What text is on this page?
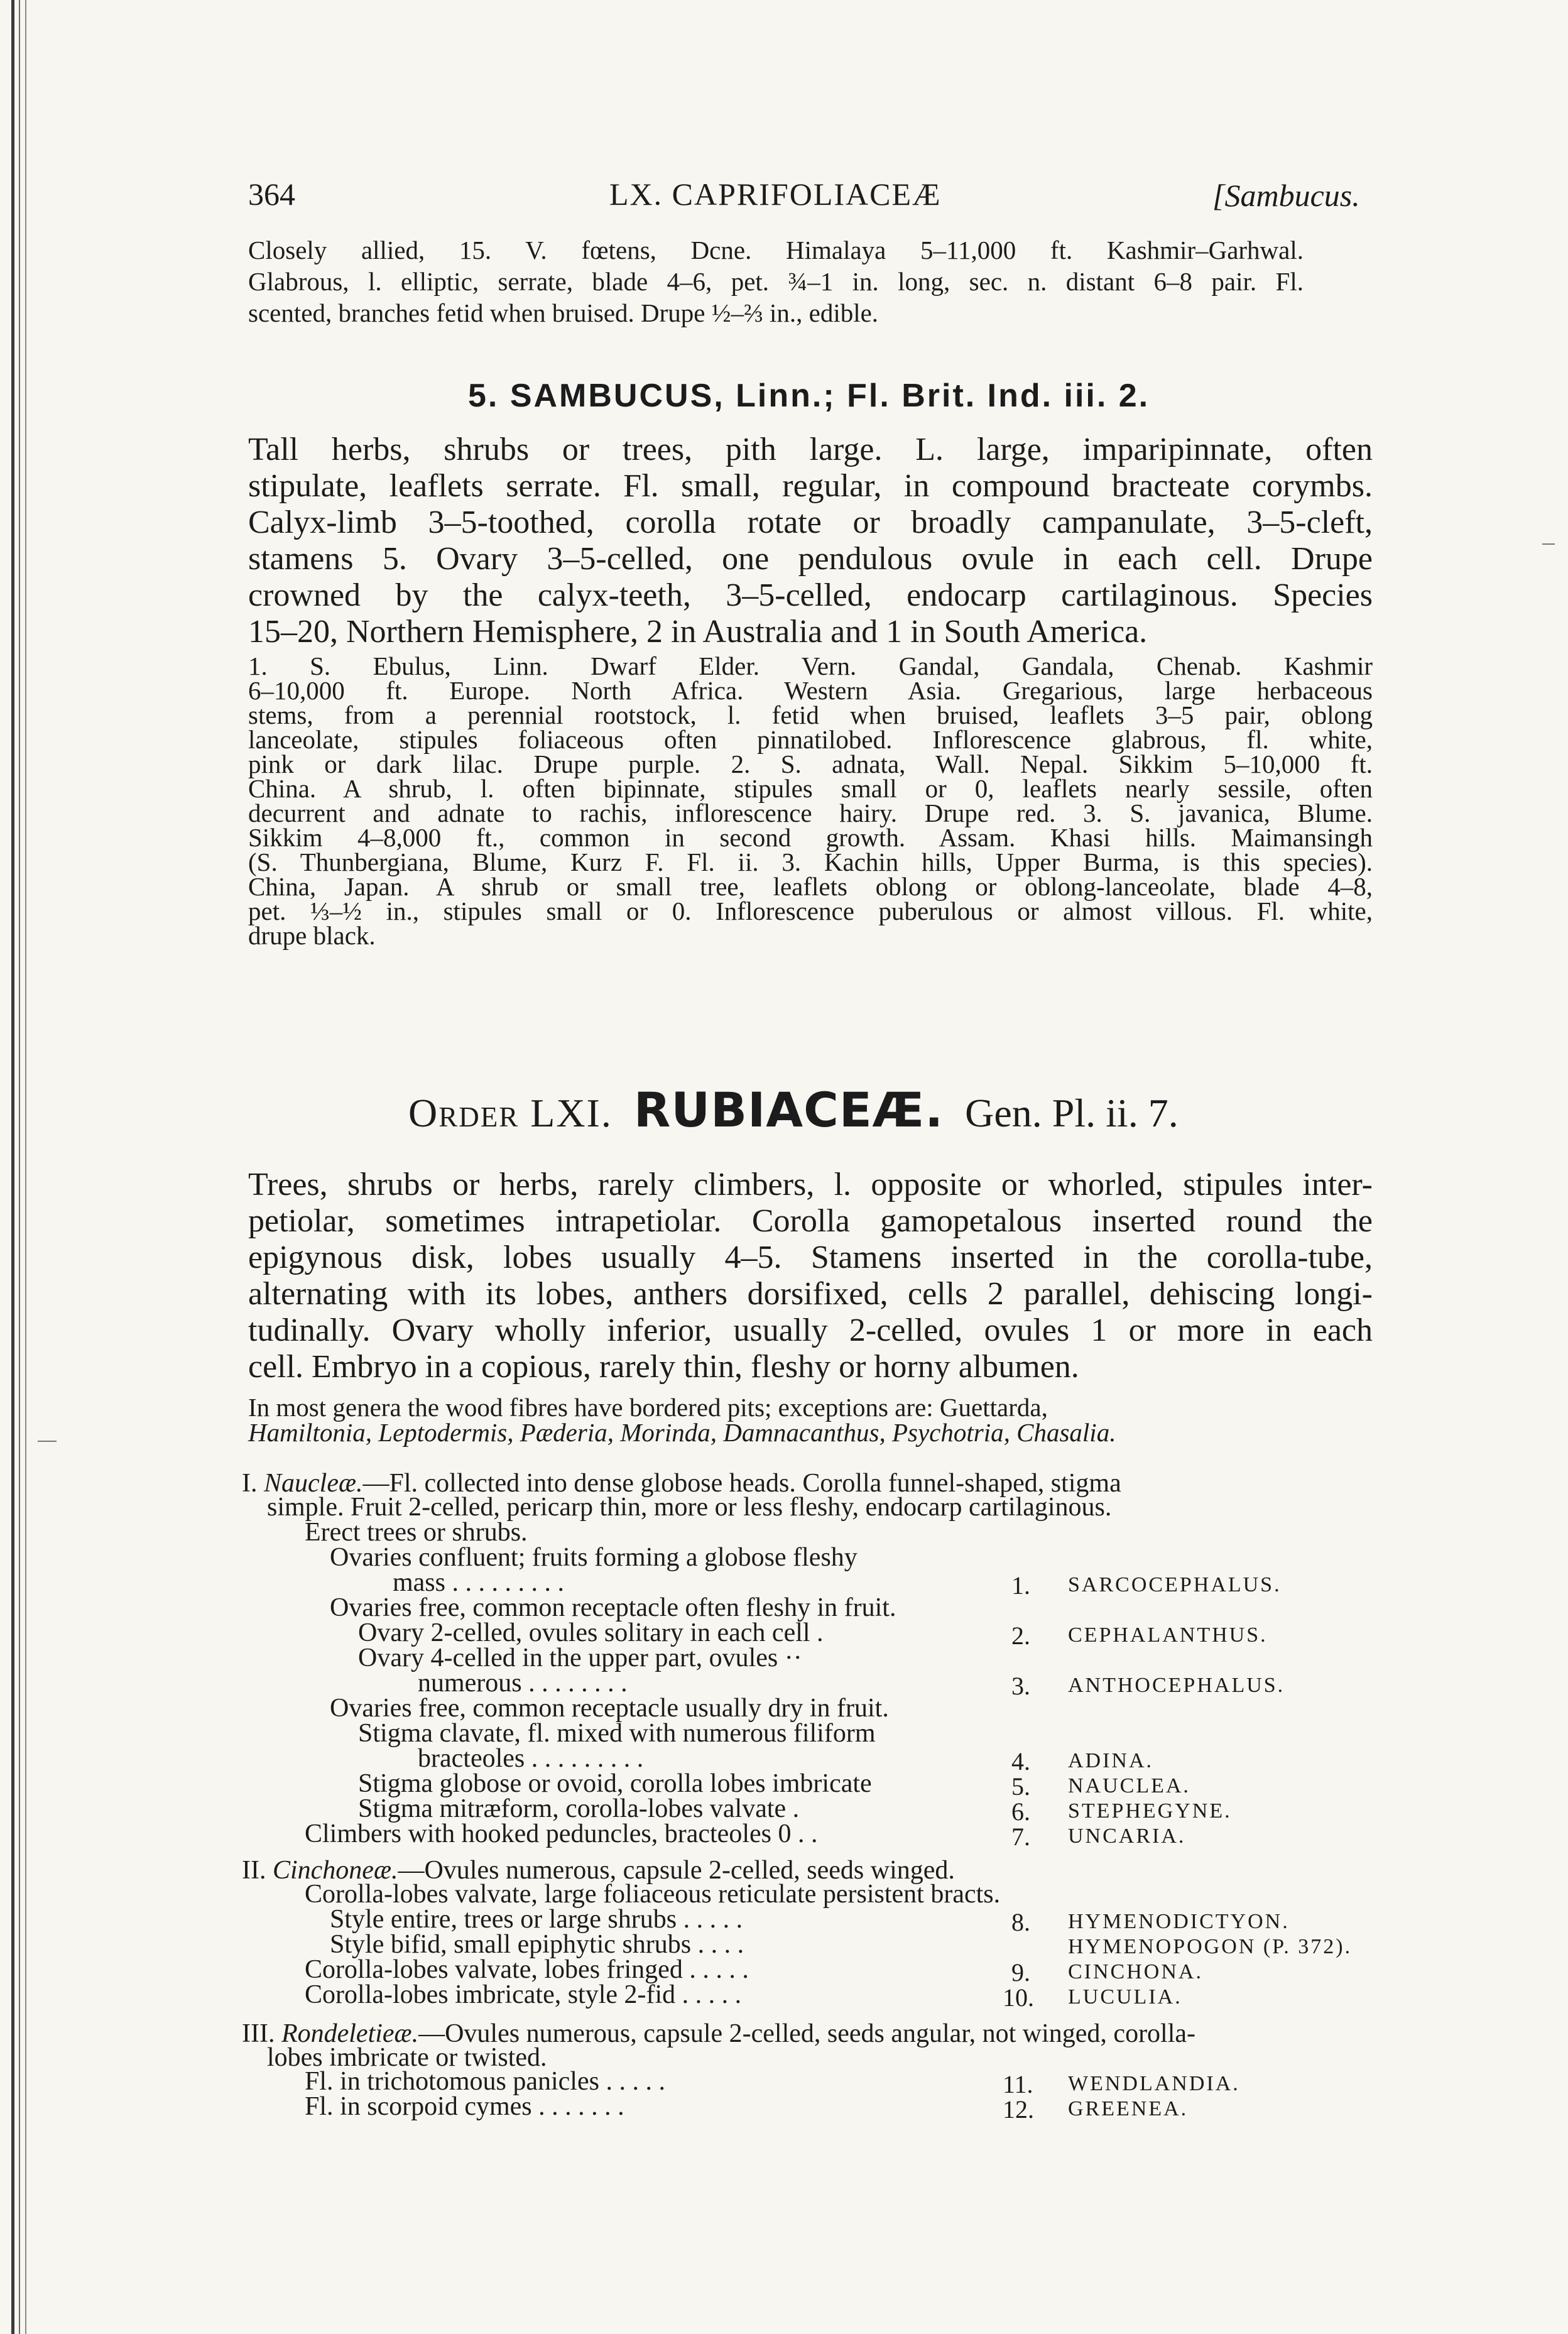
364	LX. CAPRIFOLIACEÆ	[Sambucus.
Closely allied, 15. V. fœtens, Dcne. Himalaya 5–11,000 ft. Kashmir–Garhwal.
Glabrous, l. elliptic, serrate, blade 4–6, pet. ¾–1 in. long, sec. n. distant 6–8 pair. Fl.
scented, branches fetid when bruised. Drupe ½–⅔ in., edible.
5. SAMBUCUS, Linn.; Fl. Brit. Ind. iii. 2.
Tall herbs, shrubs or trees, pith large. L. large, imparipinnate, often
stipulate, leaflets serrate. Fl. small, regular, in compound bracteate corymbs.
Calyx-limb 3–5-toothed, corolla rotate or broadly campanulate, 3–5-cleft,
stamens 5. Ovary 3–5-celled, one pendulous ovule in each cell. Drupe
crowned by the calyx-teeth, 3–5-celled, endocarp cartilaginous. Species
15–20, Northern Hemisphere, 2 in Australia and 1 in South America.
1. S. Ebulus, Linn. Dwarf Elder. Vern. Gandal, Gandala, Chenab. Kashmir
6–10,000 ft. Europe. North Africa. Western Asia. Gregarious, large herbaceous
stems, from a perennial rootstock, l. fetid when bruised, leaflets 3–5 pair, oblong
lanceolate, stipules foliaceous often pinnatilobed. Inflorescence glabrous, fl. white,
pink or dark lilac. Drupe purple. 2. S. adnata, Wall. Nepal. Sikkim 5–10,000 ft.
China. A shrub, l. often bipinnate, stipules small or 0, leaflets nearly sessile, often
decurrent and adnate to rachis, inflorescence hairy. Drupe red. 3. S. javanica, Blume.
Sikkim 4–8,000 ft., common in second growth. Assam. Khasi hills. Maimansingh
(S. Thunbergiana, Blume, Kurz F. Fl. ii. 3. Kachin hills, Upper Burma, is this species).
China, Japan. A shrub or small tree, leaflets oblong or oblong-lanceolate, blade 4–8,
pet. ⅓–½ in., stipules small or 0. Inflorescence puberulous or almost villous. Fl. white,
drupe black.
Order LXI. RUBIACEÆ. Gen. Pl. ii. 7.
Trees, shrubs or herbs, rarely climbers, l. opposite or whorled, stipules inter-
petiolar, sometimes intrapetiolar. Corolla gamopetalous inserted round the
epigynous disk, lobes usually 4–5. Stamens inserted in the corolla-tube,
alternating with its lobes, anthers dorsifixed, cells 2 parallel, dehiscing longi-
tudinally. Ovary wholly inferior, usually 2-celled, ovules 1 or more in each
cell. Embryo in a copious, rarely thin, fleshy or horny albumen.
In most genera the wood fibres have bordered pits; exceptions are: Guettarda,
Hamiltonia, Leptodermis, Pæderia, Morinda, Damnacanthus, Psychotria, Chasalia.
I. Naucleæ.—Fl. collected into dense globose heads. Corolla funnel-shaped, stigma
simple. Fruit 2-celled, pericarp thin, more or less fleshy, endocarp cartilaginous.
Erect trees or shrubs.
Ovaries confluent; fruits forming a globose fleshy
mass . . . . . . . . .	1. SARCOCEPHALUS.
Ovaries free, common receptacle often fleshy in fruit.
Ovary 2-celled, ovules solitary in each cell .	2. CEPHALANTHUS.
Ovary 4-celled in the upper part, ovules ··
numerous . . . . . . . .	3. ANTHOCEPHALUS.
Ovaries free, common receptacle usually dry in fruit.
Stigma clavate, fl. mixed with numerous filiform
bracteoles . . . . . . . . .	4. ADINA.
Stigma globose or ovoid, corolla lobes imbricate	5. NAUCLEA.
Stigma mitræform, corolla-lobes valvate .	6. STEPHEGYNE.
Climbers with hooked peduncles, bracteoles 0 . .	7. UNCARIA.
II. Cinchoneæ.—Ovules numerous, capsule 2-celled, seeds winged.
Corolla-lobes valvate, large foliaceous reticulate persistent bracts.
Style entire, trees or large shrubs . . . . .	8. HYMENODICTYON.
Style bifid, small epiphytic shrubs . . . .	HYMENOPOGON (P. 372).
Corolla-lobes valvate, lobes fringed . . . . .	9. CINCHONA.
Corolla-lobes imbricate, style 2-fid . . . . .	10. LUCULIA.
III. Rondeletieæ.—Ovules numerous, capsule 2-celled, seeds angular, not winged, corolla-
lobes imbricate or twisted.
Fl. in trichotomous panicles . . . . .	11. WENDLANDIA.
Fl. in scorpoid cymes . . . . . . .	12. GREENEA.
